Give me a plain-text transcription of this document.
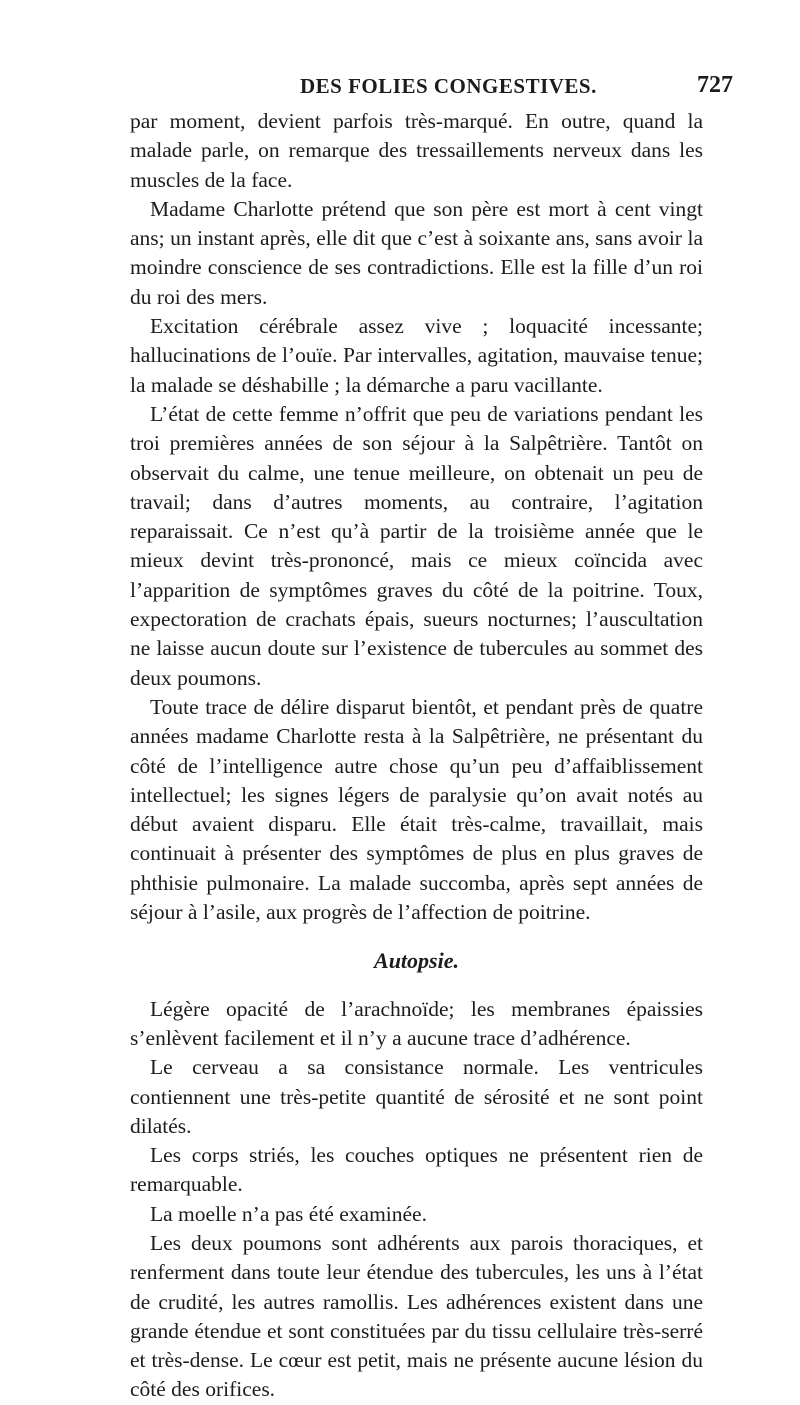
DES FOLIES CONGESTIVES.	727

par moment, devient parfois très-marqué. En outre, quand la malade parle, on remarque des tressaillements nerveux dans les muscles de la face.

Madame Charlotte prétend que son père est mort à cent vingt ans; un instant après, elle dit que c’est à soixante ans, sans avoir la moindre conscience de ses contradictions. Elle est la fille d’un roi du roi des mers.

Excitation cérébrale assez vive ; loquacité incessante; hallucinations de l’ouïe. Par intervalles, agitation, mauvaise tenue; la malade se déshabille ; la démarche a paru vacillante.

L’état de cette femme n’offrit que peu de variations pendant les troi premières années de son séjour à la Salpêtrière. Tantôt on observait du calme, une tenue meilleure, on obtenait un peu de travail; dans d’autres moments, au contraire, l’agitation reparaissait. Ce n’est qu’à partir de la troisième année que le mieux devint très-prononcé, mais ce mieux coïncida avec l’apparition de symptômes graves du côté de la poitrine. Toux, expectoration de crachats épais, sueurs nocturnes; l’auscultation ne laisse aucun doute sur l’existence de tubercules au sommet des deux poumons.

Toute trace de délire disparut bientôt, et pendant près de quatre années madame Charlotte resta à la Salpêtrière, ne présentant du côté de l’intelligence autre chose qu’un peu d’affaiblissement intellectuel; les signes légers de paralysie qu’on avait notés au début avaient disparu. Elle était très-calme, travaillait, mais continuait à présenter des symptômes de plus en plus graves de phthisie pulmonaire. La malade succomba, après sept années de séjour à l’asile, aux progrès de l’affection de poitrine.

Autopsie.

Légère opacité de l’arachnoïde; les membranes épaissies s’enlèvent facilement et il n’y a aucune trace d’adhérence.

Le cerveau a sa consistance normale. Les ventricules contiennent une très-petite quantité de sérosité et ne sont point dilatés.

Les corps striés, les couches optiques ne présentent rien de remarquable.

La moelle n’a pas été examinée.

Les deux poumons sont adhérents aux parois thoraciques, et renferment dans toute leur étendue des tubercules, les uns à l’état de crudité, les autres ramollis. Les adhérences existent dans une grande étendue et sont constituées par du tissu cellulaire très-serré et très-dense. Le cœur est petit, mais ne présente aucune lésion du côté des orifices.
